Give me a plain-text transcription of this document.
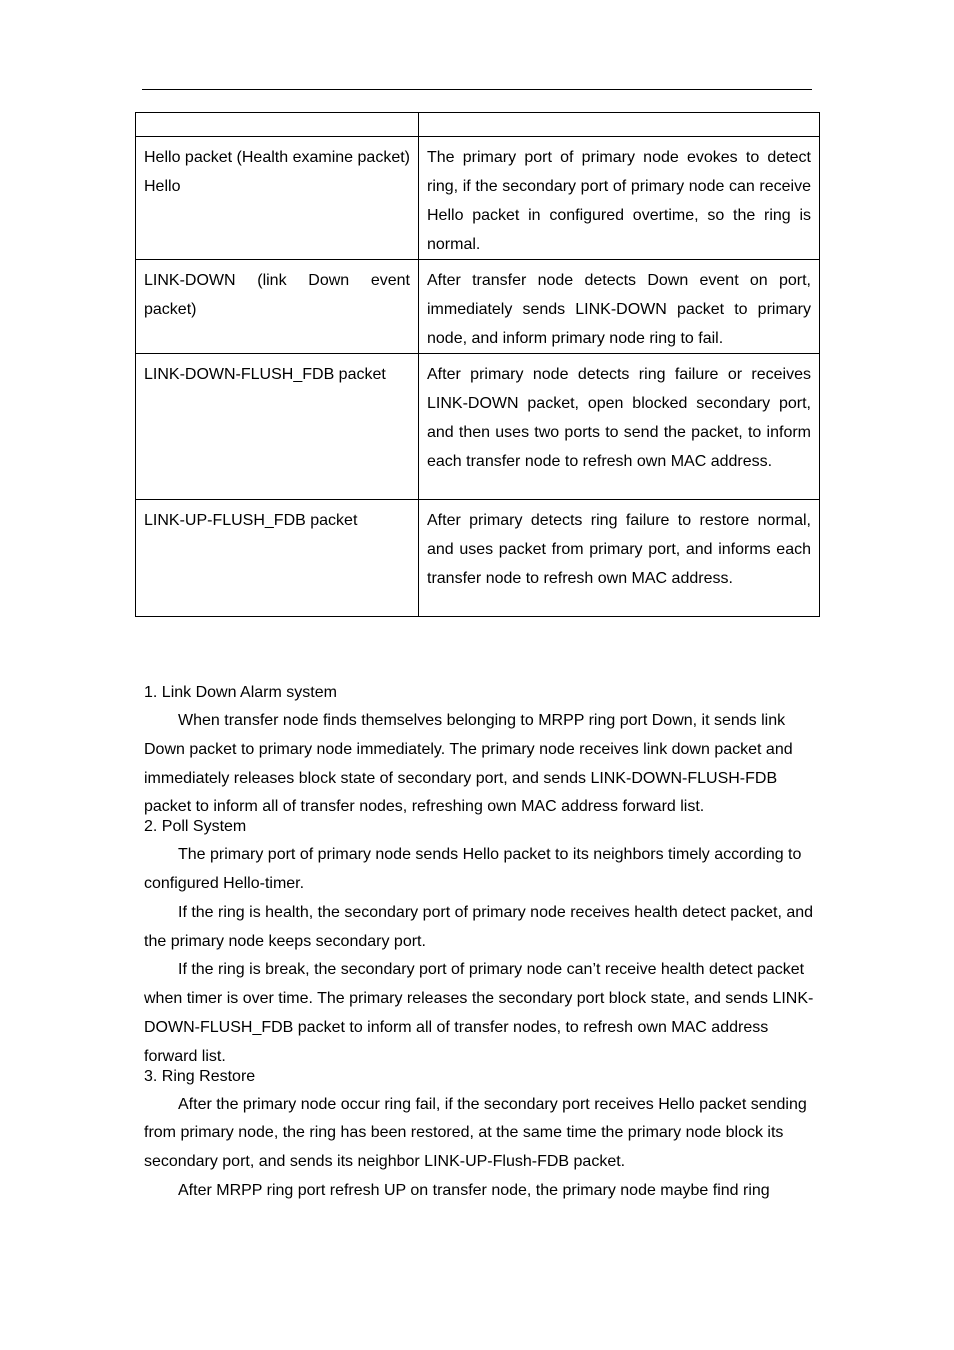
Hello packet (Health examine packet) Hello	The primary port of primary node evokes to detect ring, if the secondary port of primary node can receive Hello packet in configured overtime, so the ring is normal.
LINK-DOWN (link Down event packet)	After transfer node detects Down event on port, immediately sends LINK-DOWN packet to primary node, and inform primary node ring to fail.
LINK-DOWN-FLUSH_FDB packet	After primary node detects ring failure or receives LINK-DOWN packet, open blocked secondary port, and then uses two ports to send the packet, to inform each transfer node to refresh own MAC address.
LINK-UP-FLUSH_FDB packet	After primary detects ring failure to restore normal, and uses packet from primary port, and informs each transfer node to refresh own MAC address.

1. Link Down Alarm system

When transfer node finds themselves belonging to MRPP ring port Down, it sends link Down packet to primary node immediately. The primary node receives link down packet and immediately releases block state of secondary port, and sends LINK-DOWN-FLUSH-FDB packet to inform all of transfer nodes, refreshing own MAC address forward list.

2. Poll System

The primary port of primary node sends Hello packet to its neighbors timely according to configured Hello-timer.

If the ring is health, the secondary port of primary node receives health detect packet, and the primary node keeps secondary port.

If the ring is break, the secondary port of primary node can’t receive health detect packet when timer is over time. The primary releases the secondary port block state, and sends LINK-DOWN-FLUSH_FDB packet to inform all of transfer nodes, to refresh own MAC address forward list.

3. Ring Restore

After the primary node occur ring fail, if the secondary port receives Hello packet sending from primary node, the ring has been restored, at the same time the primary node block its secondary port, and sends its neighbor LINK-UP-Flush-FDB packet.

After MRPP ring port refresh UP on transfer node, the primary node maybe find ring
